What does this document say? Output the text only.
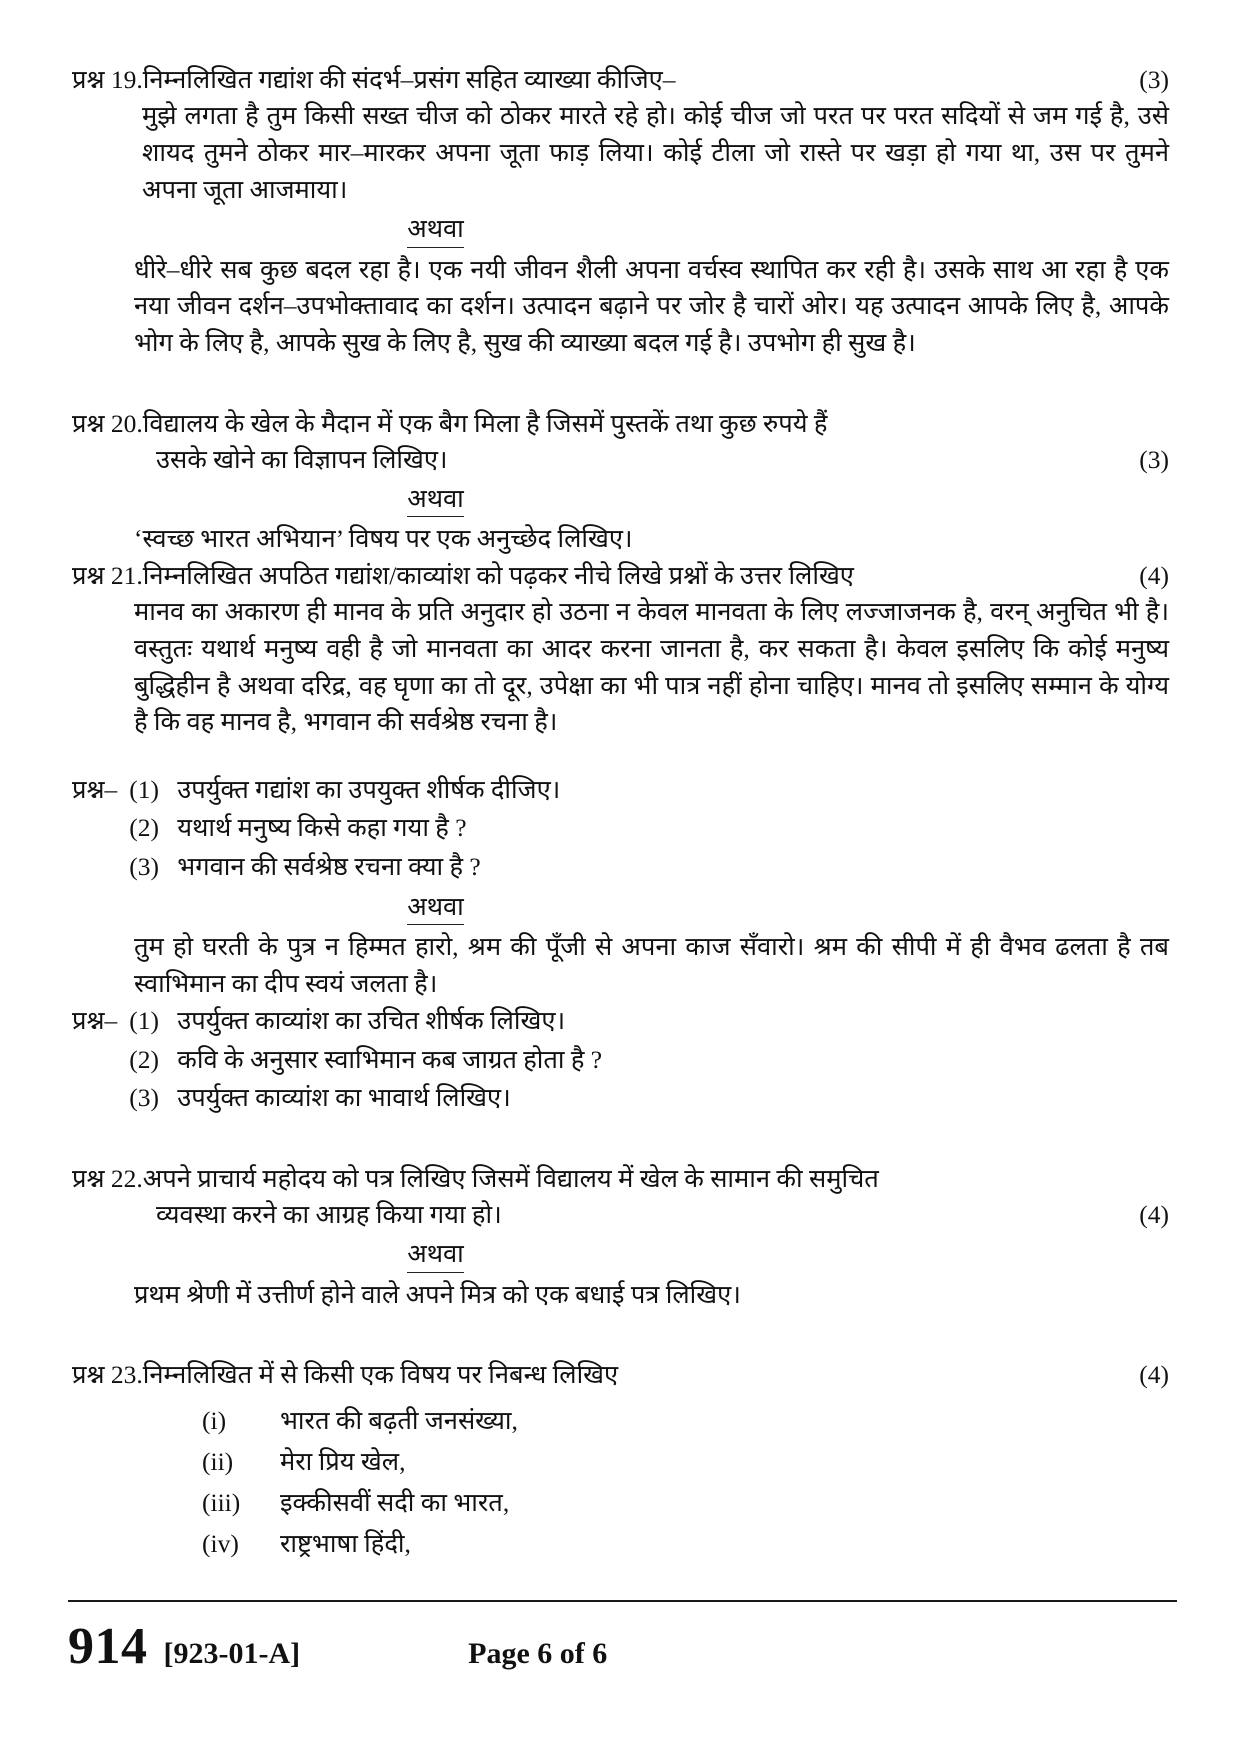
प्रश्न 19. निम्नलिखित गद्यांश की संदर्भ–प्रसंग सहित व्याख्या कीजिए–	(3)

मुझे लगता है तुम किसी सख्त चीज को ठोकर मारते रहे हो। कोई चीज जो परत पर परत सदियों से जम गई है, उसे शायद तुमने ठोकर मार–मारकर अपना जूता फाड़ लिया। कोई टीला जो रास्ते पर खड़ा हो गया था, उस पर तुमने अपना जूता आजमाया।

अथवा

धीरे–धीरे सब कुछ बदल रहा है। एक नयी जीवन शैली अपना वर्चस्व स्थापित कर रही है। उसके साथ आ रहा है एक नया जीवन दर्शन–उपभोक्तावाद का दर्शन। उत्पादन बढ़ाने पर जोर है चारों ओर। यह उत्पादन आपके लिए है, आपके भोग के लिए है, आपके सुख के लिए है, सुख की व्याख्या बदल गई है। उपभोग ही सुख है।

प्रश्न 20. विद्यालय के खेल के मैदान में एक बैग मिला है जिसमें पुस्तकें तथा कुछ रुपये हैं
उसके खोने का विज्ञापन लिखिए।	(3)
अथवा

‘स्वच्छ भारत अभियान’ विषय पर एक अनुच्छेद लिखिए।

प्रश्न 21. निम्नलिखित अपठित गद्यांश/काव्यांश को पढ़कर नीचे लिखे प्रश्नों के उत्तर लिखिए	(4)

मानव का अकारण ही मानव के प्रति अनुदार हो उठना न केवल मानवता के लिए लज्जाजनक है, वरन् अनुचित भी है। वस्तुतः यथार्थ मनुष्य वही है जो मानवता का आदर करना जानता है, कर सकता है। केवल इसलिए कि कोई मनुष्य बुद्धिहीन है अथवा दरिद्र, वह घृणा का तो दूर, उपेक्षा का भी पात्र नहीं होना चाहिए। मानव तो इसलिए सम्मान के योग्य है कि वह मानव है, भगवान की सर्वश्रेष्ठ रचना है।

प्रश्न– (1) उपर्युक्त गद्यांश का उपयुक्त शीर्षक दीजिए।
(2) यथार्थ मनुष्य किसे कहा गया है ?
(3) भगवान की सर्वश्रेष्ठ रचना क्या है ?
अथवा

तुम हो घरती के पुत्र न हिम्मत हारो, श्रम की पूँजी से अपना काज सँवारो। श्रम की सीपी में ही वैभव ढलता है तब स्वाभिमान का दीप स्वयं जलता है।

प्रश्न– (1) उपर्युक्त काव्यांश का उचित शीर्षक लिखिए।
(2) कवि के अनुसार स्वाभिमान कब जाग्रत होता है ?
(3) उपर्युक्त काव्यांश का भावार्थ लिखिए।
प्रश्न 22. अपने प्राचार्य महोदय को पत्र लिखिए जिसमें विद्यालय में खेल के सामान की समुचित
व्यवस्था करने का आग्रह किया गया हो।	(4)
अथवा

प्रथम श्रेणी में उत्तीर्ण होने वाले अपने मित्र को एक बधाई पत्र लिखिए।

प्रश्न 23. निम्नलिखित में से किसी एक विषय पर निबन्ध लिखिए	(4)
(i)	भारत की बढ़ती जनसंख्या,
(ii)	मेरा प्रिय खेल,
(iii)	इक्कीसवीं सदी का भारत,
(iv)	राष्ट्रभाषा हिंदी,
914 [923-01-A]	Page 6 of 6
